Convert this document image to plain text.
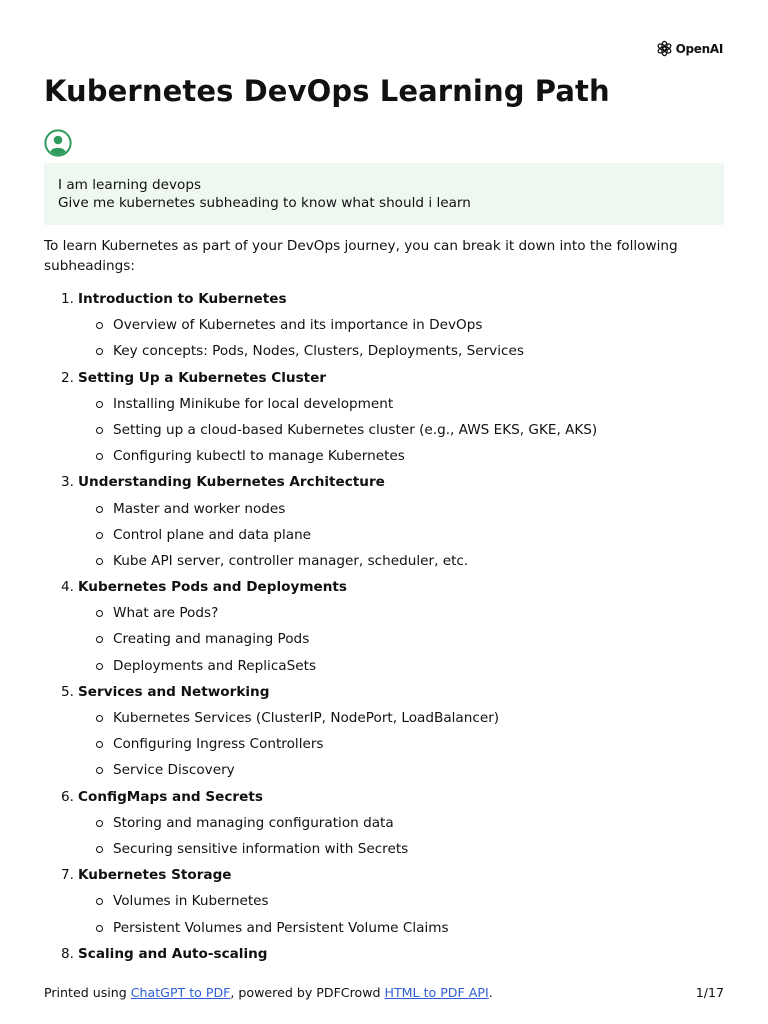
OpenAI
Kubernetes DevOps Learning Path
I am learning devops
Give me kubernetes subheading to know what should i learn

To learn Kubernetes as part of your DevOps journey, you can break it down into the following subheadings:

1. Introduction to Kubernetes
Overview of Kubernetes and its importance in DevOps
Key concepts: Pods, Nodes, Clusters, Deployments, Services
2. Setting Up a Kubernetes Cluster
Installing Minikube for local development
Setting up a cloud-based Kubernetes cluster (e.g., AWS EKS, GKE, AKS)
Configuring kubectl to manage Kubernetes
3. Understanding Kubernetes Architecture
Master and worker nodes
Control plane and data plane
Kube API server, controller manager, scheduler, etc.
4. Kubernetes Pods and Deployments
What are Pods?
Creating and managing Pods
Deployments and ReplicaSets
5. Services and Networking
Kubernetes Services (ClusterIP, NodePort, LoadBalancer)
Configuring Ingress Controllers
Service Discovery
6. ConfigMaps and Secrets
Storing and managing configuration data
Securing sensitive information with Secrets
7. Kubernetes Storage
Volumes in Kubernetes
Persistent Volumes and Persistent Volume Claims
8. Scaling and Auto-scaling
Printed using ChatGPT to PDF, powered by PDFCrowd HTML to PDF API.	1/17
